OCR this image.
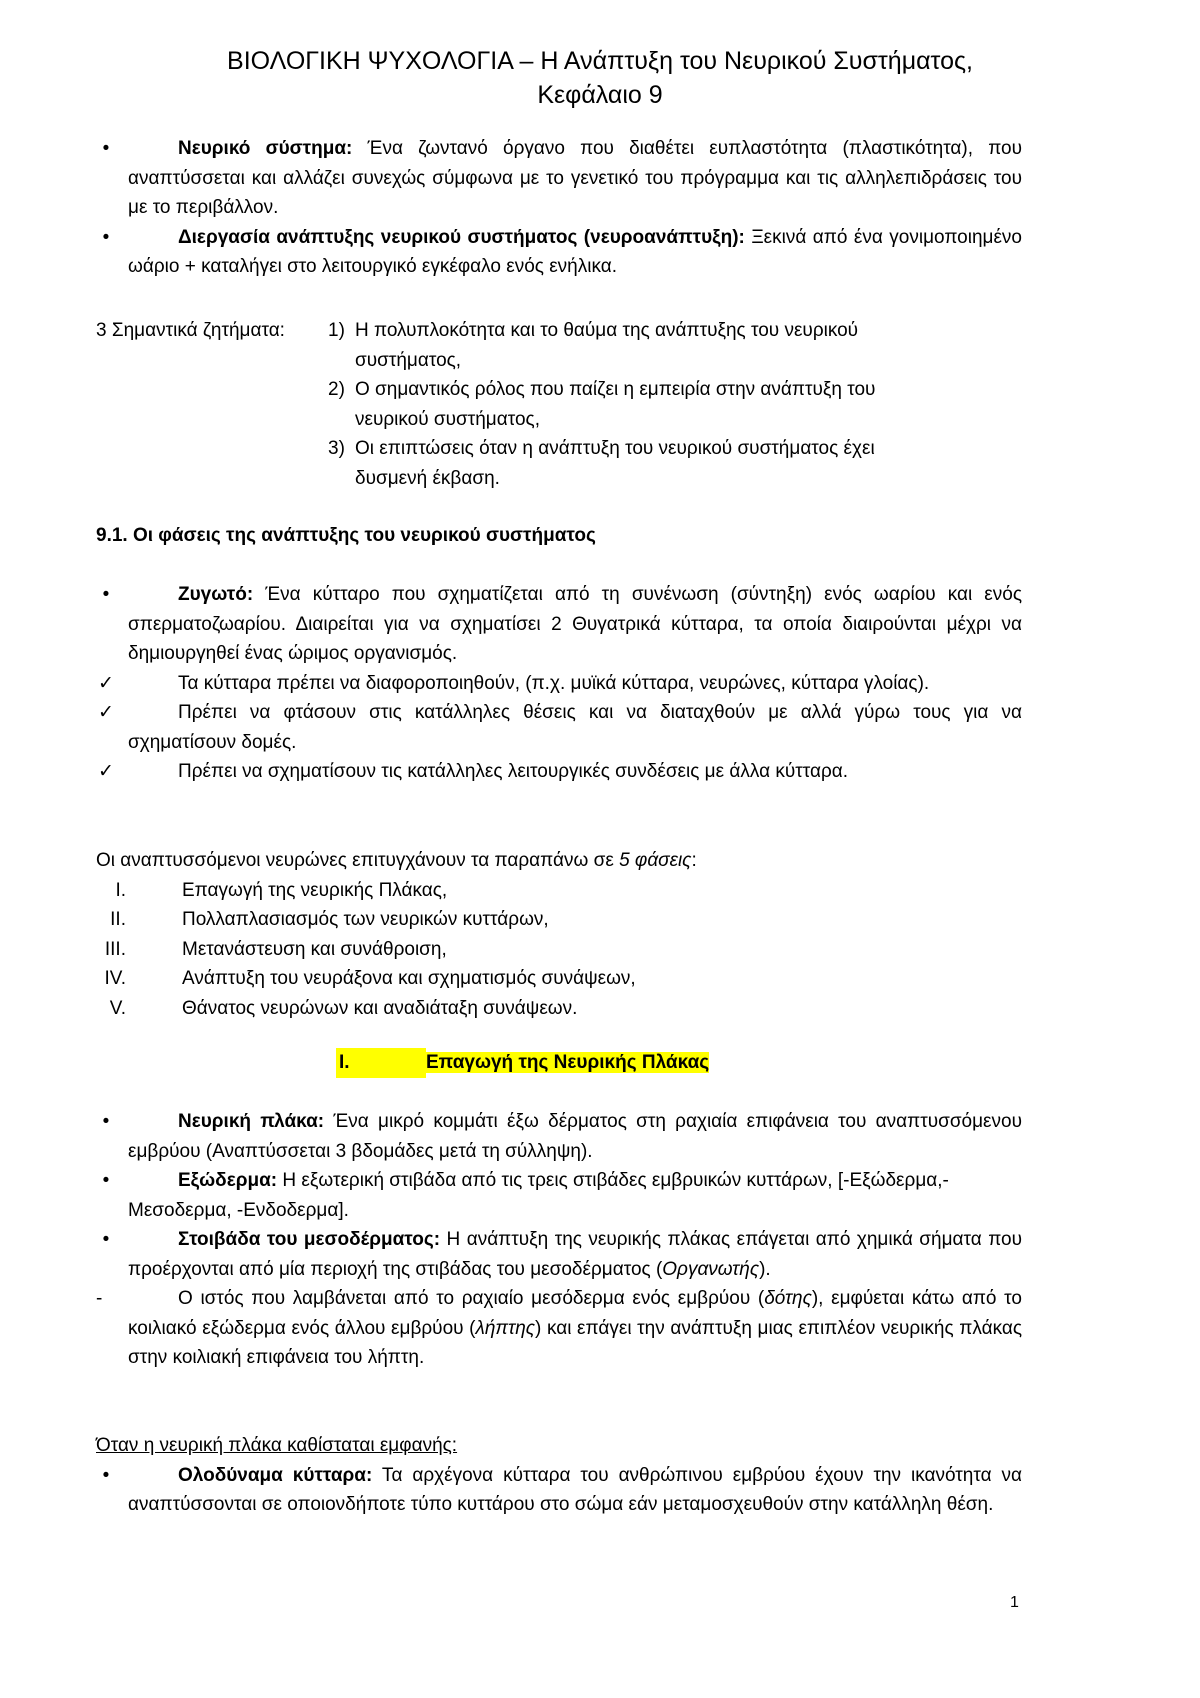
ΒΙΟΛΟΓΙΚΗ ΨΥΧΟΛΟΓΙΑ – Η Ανάπτυξη του Νευρικού Συστήματος,
Κεφάλαιο 9
•	Νευρικό σύστημα: Ένα ζωντανό όργανο που διαθέτει ευπλαστότητα (πλαστικότητα), που αναπτύσσεται και αλλάζει συνεχώς σύμφωνα με το γενετικό του πρόγραμμα και τις αλληλεπιδράσεις του με το περιβάλλον.
•	Διεργασία ανάπτυξης νευρικού συστήματος (νευροανάπτυξη): Ξεκινά από ένα γονιμοποιημένο ωάριο + καταλήγει στο λειτουργικό εγκέφαλο ενός ενήλικα.
3 Σημαντικά ζητήματα: 1) Η πολυπλοκότητα και το θαύμα της ανάπτυξης του νευρικού
συστήματος,
2) Ο σημαντικός ρόλος που παίζει η εμπειρία στην ανάπτυξη του
νευρικού συστήματος,
3) Οι επιπτώσεις όταν η ανάπτυξη του νευρικού συστήματος έχει
δυσμενή έκβαση.
9.1. Οι φάσεις της ανάπτυξης του νευρικού συστήματος
•	Ζυγωτό: Ένα κύτταρο που σχηματίζεται από τη συνένωση (σύντηξη) ενός ωαρίου και ενός σπερματοζωαρίου. Διαιρείται για να σχηματίσει 2 Θυγατρικά κύτταρα, τα οποία διαιρούνται μέχρι να δημιουργηθεί ένας ώριμος οργανισμός.
✓	Τα κύτταρα πρέπει να διαφοροποιηθούν, (π.χ. μυϊκά κύτταρα, νευρώνες, κύτταρα γλοίας).
✓	Πρέπει να φτάσουν στις κατάλληλες θέσεις και να διαταχθούν με αλλά γύρω τους για να σχηματίσουν δομές.
✓	Πρέπει να σχηματίσουν τις κατάλληλες λειτουργικές συνδέσεις με άλλα κύτταρα.
Οι αναπτυσσόμενοι νευρώνες επιτυγχάνουν τα παραπάνω σε 5 φάσεις:
I.	Επαγωγή της νευρικής Πλάκας,
II.	Πολλαπλασιασμός των νευρικών κυττάρων,
III.	Μετανάστευση και συνάθροιση,
IV.	Ανάπτυξη του νευράξονα και σχηματισμός συνάψεων,
V.	Θάνατος νευρώνων και αναδιάταξη συνάψεων.
I.	Επαγωγή της Νευρικής Πλάκας
•	Νευρική πλάκα: Ένα μικρό κομμάτι έξω δέρματος στη ραχιαία επιφάνεια του αναπτυσσόμενου εμβρύου (Αναπτύσσεται 3 βδομάδες μετά τη σύλληψη).
•	Εξώδερμα: Η εξωτερική στιβάδα από τις τρεις στιβάδες εμβρυικών κυττάρων, [-Εξώδερμα,-Μεσοδερμα, -Ενδοδερμα].
•	Στοιβάδα του μεσοδέρματος: Η ανάπτυξη της νευρικής πλάκας επάγεται από χημικά σήματα που προέρχονται από μία περιοχή της στιβάδας του μεσοδέρματος (Οργανωτής).
-	Ο ιστός που λαμβάνεται από το ραχιαίο μεσόδερμα ενός εμβρύου (δότης), εμφύεται κάτω από το κοιλιακό εξώδερμα ενός άλλου εμβρύου (λήπτης) και επάγει την ανάπτυξη μιας επιπλέον νευρικής πλάκας στην κοιλιακή επιφάνεια του λήπτη.
Όταν η νευρική πλάκα καθίσταται εμφανής:
•	Ολοδύναμα κύτταρα: Τα αρχέγονα κύτταρα του ανθρώπινου εμβρύου έχουν την ικανότητα να αναπτύσσονται σε οποιονδήποτε τύπο κυττάρου στο σώμα εάν μεταμοσχευθούν στην κατάλληλη θέση.
1
